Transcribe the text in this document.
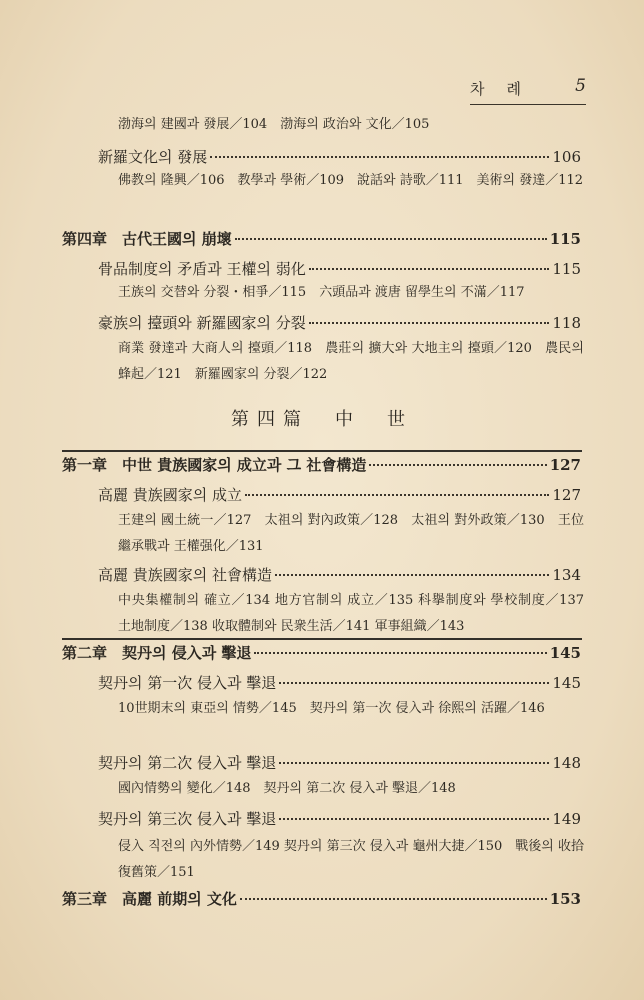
차례 5
渤海의 建國과 發展／104　渤海의 政治와 文化／105
新羅文化의 發展	106
佛教의 隆興／106　教學과 學術／109　說話와 詩歌／111　美術의 發達／112
第四章　古代王國의 崩壞	115
骨品制度의 矛盾과 王權의 弱化	115
王族의 交替와 分裂・相爭／115　六頭品과 渡唐 留學生의 不滿／117
豪族의 擡頭와 新羅國家의 分裂	118
商業 發達과 大商人의 擡頭／118　農莊의 擴大와 大地主의 擡頭／120　農民의 蜂起／121　新羅國家의 分裂／122
第四篇　中　世
第一章　中世 貴族國家의 成立과 그 社會構造	127
高麗 貴族國家의 成立	127
王建의 國土統一／127　太祖의 對內政策／128　太祖의 對外政策／130　王位繼承戰과 王權强化／131
高麗 貴族國家의 社會構造	134
中央集權制의 確立／134 地方官制의 成立／135 科擧制度와 學校制度／137　土地制度／138 收取體制와 民衆生活／141 軍事組織／143
第二章　契丹의 侵入과 擊退	145
契丹의 第一次 侵入과 擊退	145
10世期末의 東亞의 情勢／145　契丹의 第一次 侵入과 徐熙의 活躍／146
契丹의 第二次 侵入과 擊退	148
國內情勢의 變化／148　契丹의 第二次 侵入과 擊退／148
契丹의 第三次 侵入과 擊退	149
侵入 직전의 內外情勢／149 契丹의 第三次 侵入과 龜州大捷／150　戰後의 收拾復舊策／151
第三章　高麗 前期의 文化	153
